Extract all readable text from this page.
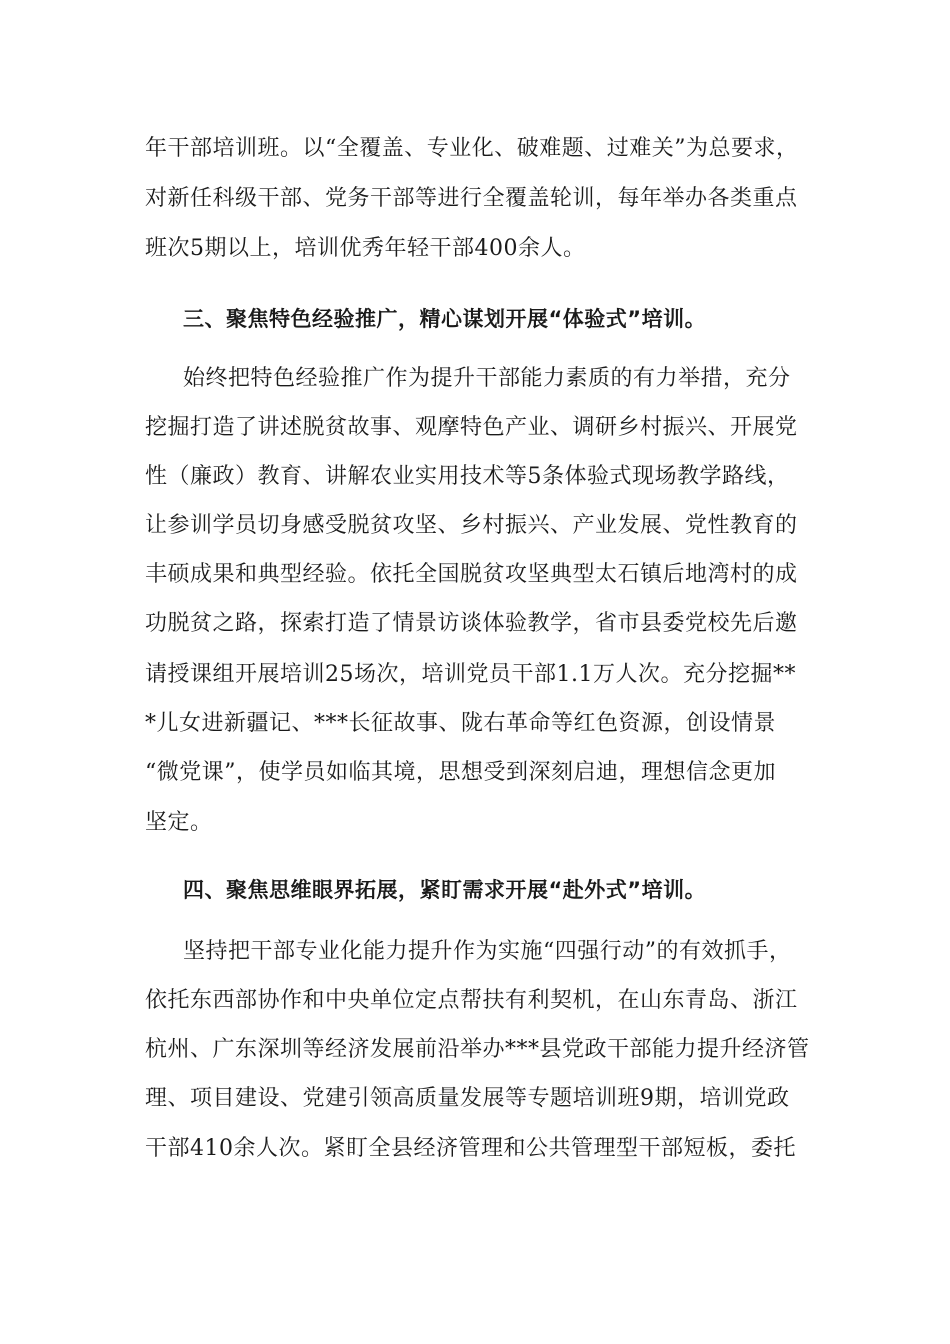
年干部培训班。以“全覆盖、专业化、破难题、过难关”为总要求，
对新任科级干部、党务干部等进行全覆盖轮训，每年举办各类重点
班次5期以上，培训优秀年轻干部400余人。
三、聚焦特色经验推广，精心谋划开展“体验式”培训。
始终把特色经验推广作为提升干部能力素质的有力举措，充分
挖掘打造了讲述脱贫故事、观摩特色产业、调研乡村振兴、开展党
性（廉政）教育、讲解农业实用技术等5条体验式现场教学路线，
让参训学员切身感受脱贫攻坚、乡村振兴、产业发展、党性教育的
丰硕成果和典型经验。依托全国脱贫攻坚典型太石镇后地湾村的成
功脱贫之路，探索打造了情景访谈体验教学，省市县委党校先后邀
请授课组开展培训25场次，培训党员干部1.1万人次。充分挖掘**
*儿女进新疆记、***长征故事、陇右革命等红色资源，创设情景
“微党课”，使学员如临其境，思想受到深刻启迪，理想信念更加
坚定。
四、聚焦思维眼界拓展，紧盯需求开展“赴外式”培训。
坚持把干部专业化能力提升作为实施“四强行动”的有效抓手，
依托东西部协作和中央单位定点帮扶有利契机，在山东青岛、浙江
杭州、广东深圳等经济发展前沿举办***县党政干部能力提升经济管
理、项目建设、党建引领高质量发展等专题培训班9期，培训党政
干部410余人次。紧盯全县经济管理和公共管理型干部短板，委托
